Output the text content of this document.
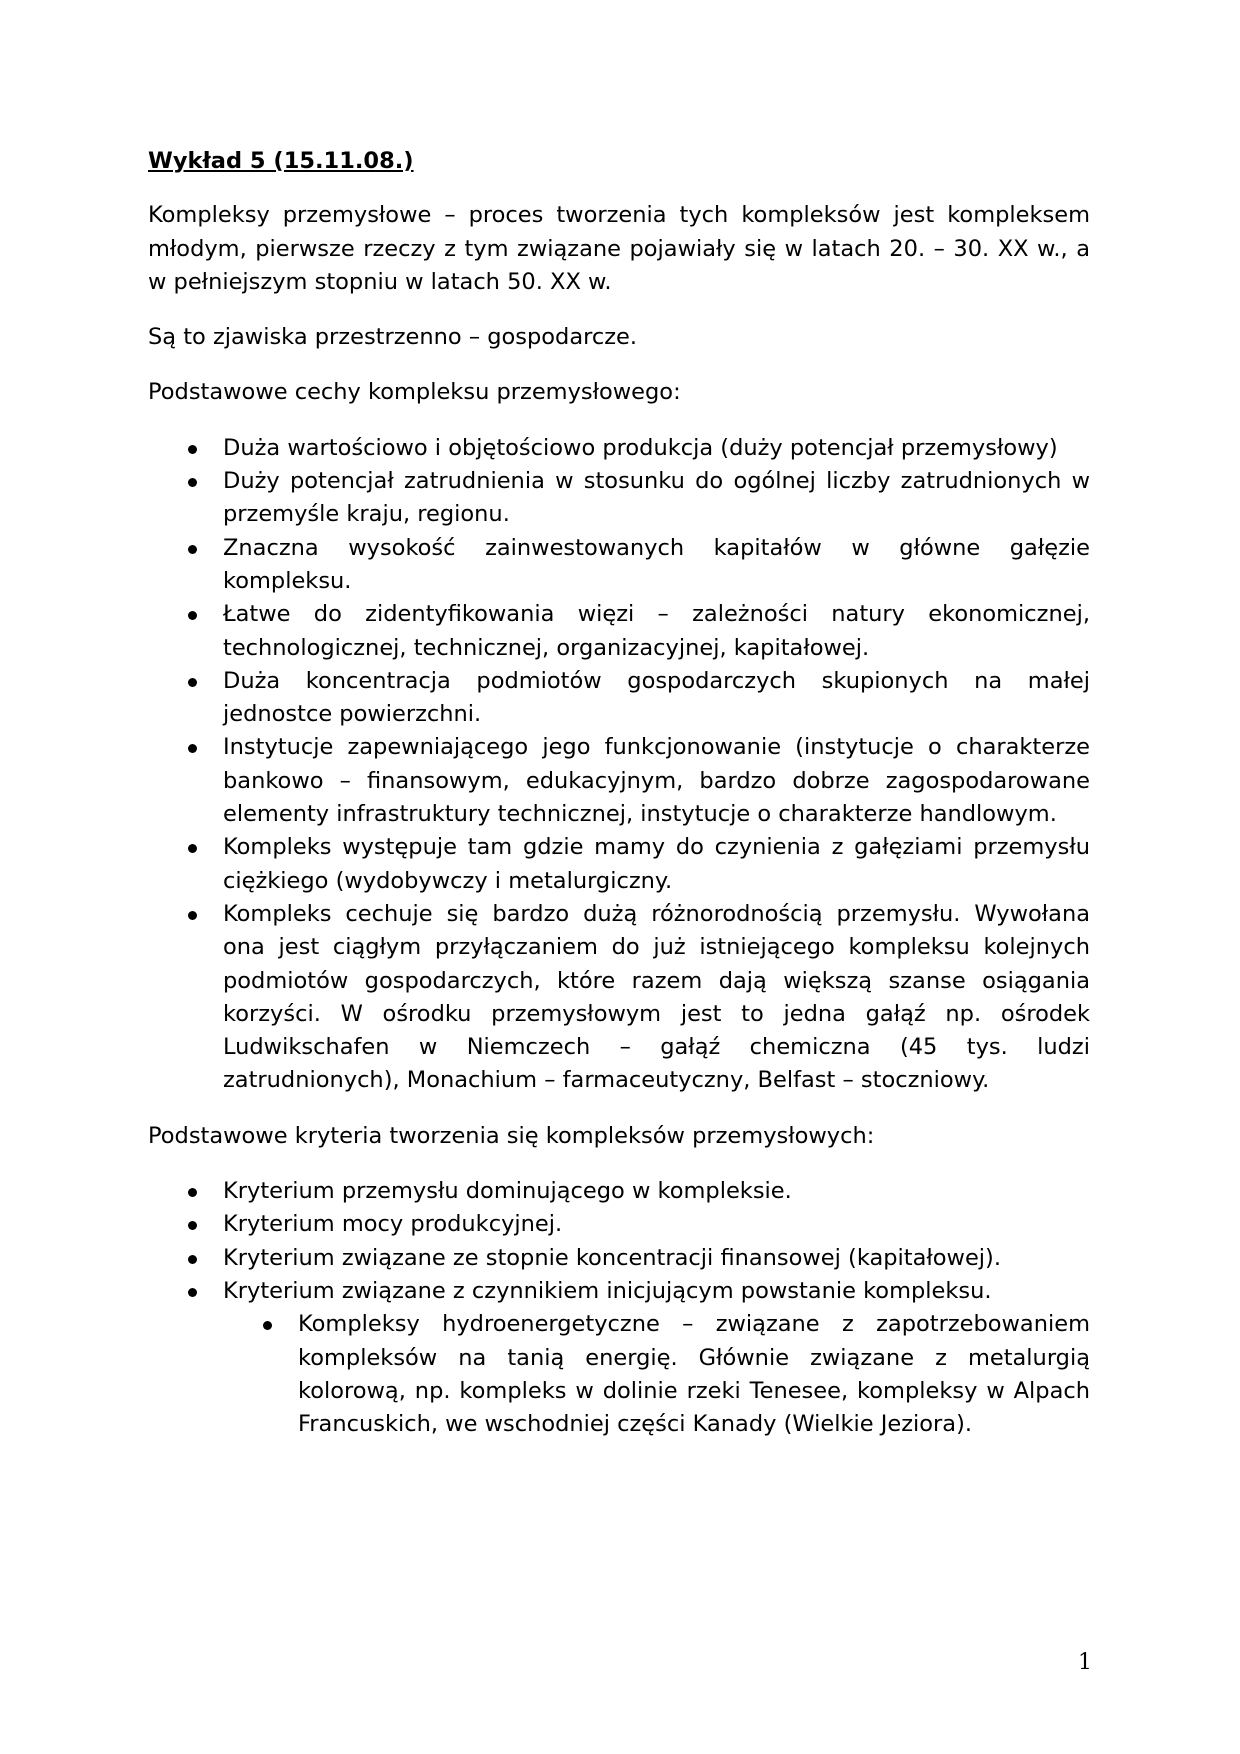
Wykład 5 (15.11.08.)

Kompleksy przemysłowe – proces tworzenia tych kompleksów jest kompleksem młodym, pierwsze rzeczy z tym związane pojawiały się w latach 20. – 30. XX w., a w pełniejszym stopniu w latach 50. XX w.

Są to zjawiska przestrzenno – gospodarcze.

Podstawowe cechy kompleksu przemysłowego:

Duża wartościowo i objętościowo produkcja (duży potencjał przemysłowy)
Duży potencjał zatrudnienia w stosunku do ogólnej liczby zatrudnionych w przemyśle kraju, regionu.
Znaczna wysokość zainwestowanych kapitałów w główne gałęzie kompleksu.
Łatwe do zidentyfikowania więzi – zależności natury ekonomicznej, technologicznej, technicznej, organizacyjnej, kapitałowej.
Duża koncentracja podmiotów gospodarczych skupionych na małej jednostce powierzchni.
Instytucje zapewniającego jego funkcjonowanie (instytucje o charakterze bankowo – finansowym, edukacyjnym, bardzo dobrze zagospodarowane elementy infrastruktury technicznej, instytucje o charakterze handlowym.
Kompleks występuje tam gdzie mamy do czynienia z gałęziami przemysłu ciężkiego (wydobywczy i metalurgiczny.
Kompleks cechuje się bardzo dużą różnorodnością przemysłu. Wywołana ona jest ciągłym przyłączaniem do już istniejącego kompleksu kolejnych podmiotów gospodarczych, które razem dają większą szanse osiągania korzyści. W ośrodku przemysłowym jest to jedna gałąź np. ośrodek Ludwikschafen w Niemczech – gałąź chemiczna (45 tys. ludzi zatrudnionych), Monachium – farmaceutyczny, Belfast – stoczniowy.

Podstawowe kryteria tworzenia się kompleksów przemysłowych:

Kryterium przemysłu dominującego w kompleksie.
Kryterium mocy produkcyjnej.
Kryterium związane ze stopnie koncentracji finansowej (kapitałowej).
Kryterium związane z czynnikiem inicjującym powstanie kompleksu.
Kompleksy hydroenergetyczne – związane z zapotrzebowaniem kompleksów na tanią energię. Głównie związane z metalurgią kolorową, np. kompleks w dolinie rzeki Tenesee, kompleksy w Alpach Francuskich, we wschodniej części Kanady (Wielkie Jeziora).
1
